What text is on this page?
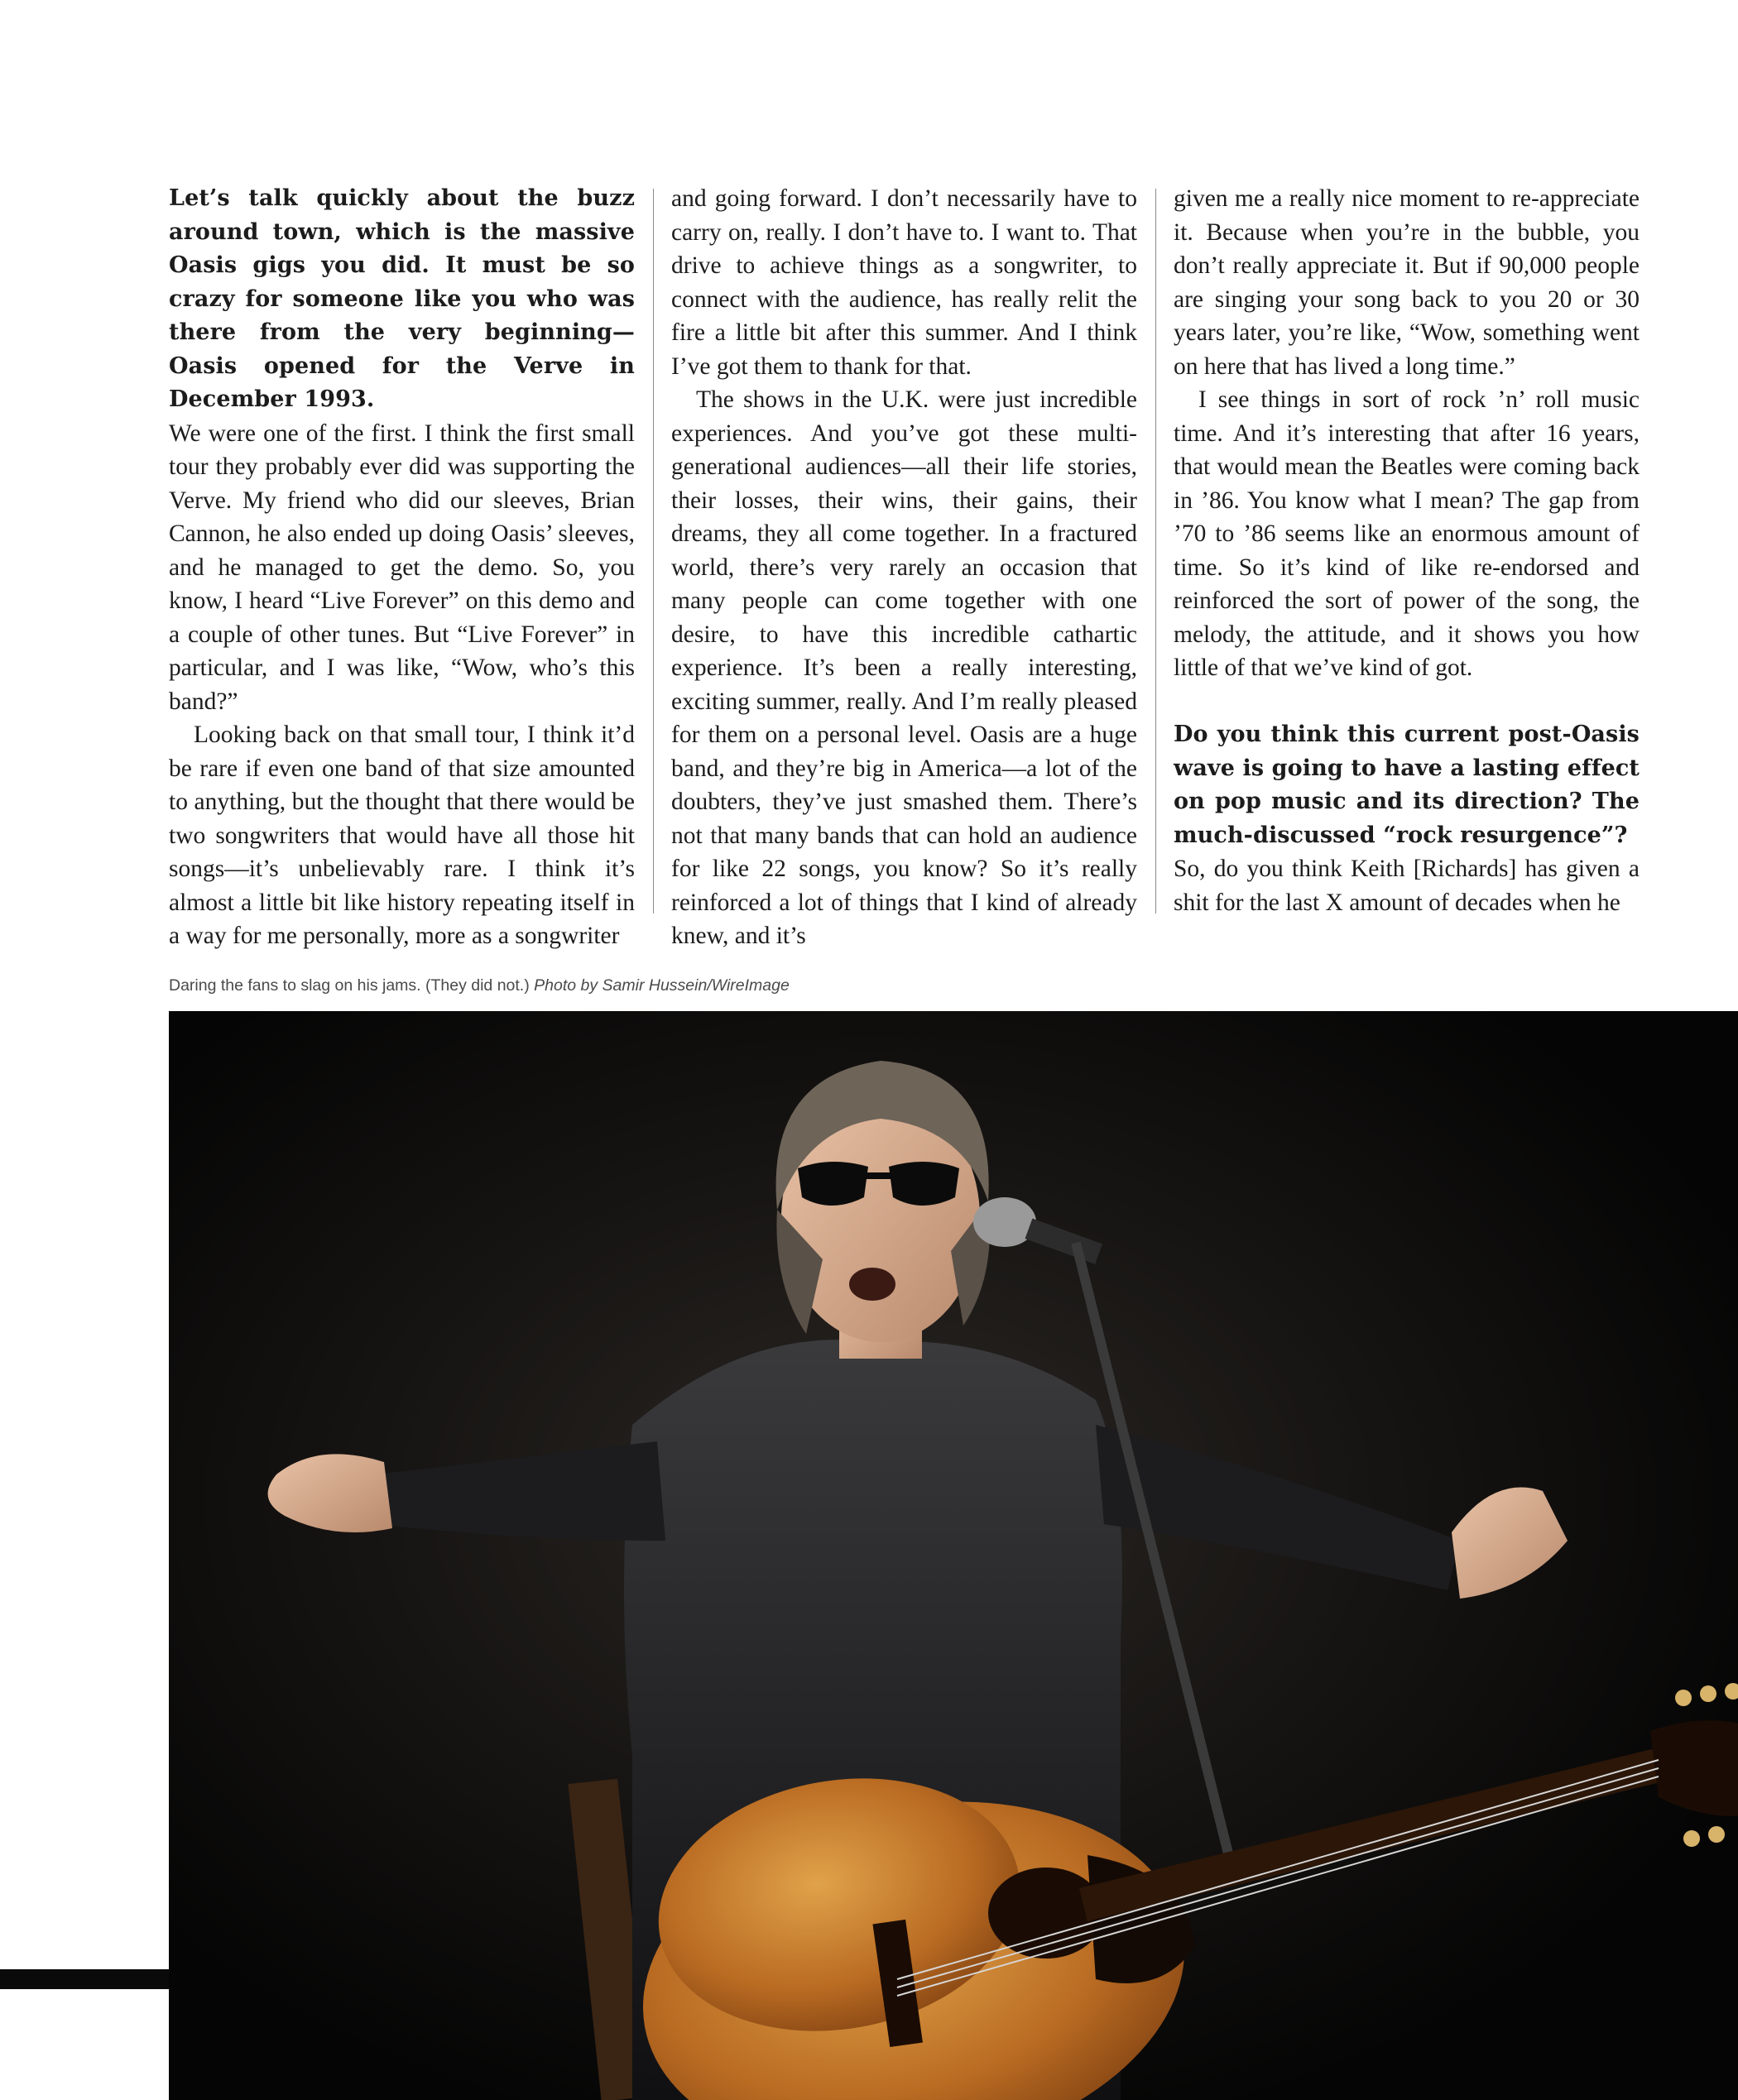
Let’s talk quickly about the buzz around town, which is the massive Oasis gigs you did. It must be so crazy for someone like you who was there from the very beginning—Oasis opened for the Verve in December 1993.

We were one of the first. I think the first small tour they probably ever did was supporting the Verve. My friend who did our sleeves, Brian Cannon, he also ended up doing Oasis’ sleeves, and he managed to get the demo. So, you know, I heard “Live Forever” on this demo and a couple of other tunes. But “Live Forever” in particular, and I was like, “Wow, who’s this band?”

Looking back on that small tour, I think it’d be rare if even one band of that size amounted to anything, but the thought that there would be two songwriters that would have all those hit songs—it’s unbelievably rare. I think it’s almost a little bit like history repeating itself in a way for me personally, more as a songwriter

and going forward. I don’t necessarily have to carry on, really. I don’t have to. I want to. That drive to achieve things as a songwriter, to connect with the audience, has really relit the fire a little bit after this summer. And I think I’ve got them to thank for that.

The shows in the U.K. were just incredible experiences. And you’ve got these multi-generational audiences—all their life stories, their losses, their wins, their gains, their dreams, they all come together. In a fractured world, there’s very rarely an occasion that many people can come together with one desire, to have this incredible cathartic experience. It’s been a really interesting, exciting summer, really. And I’m really pleased for them on a personal level. Oasis are a huge band, and they’re big in America—a lot of the doubters, they’ve just smashed them. There’s not that many bands that can hold an audience for like 22 songs, you know? So it’s really reinforced a lot of things that I kind of already knew, and it’s

given me a really nice moment to re-appreciate it. Because when you’re in the bubble, you don’t really appreciate it. But if 90,000 people are singing your song back to you 20 or 30 years later, you’re like, “Wow, something went on here that has lived a long time.”

I see things in sort of rock ’n’ roll music time. And it’s interesting that after 16 years, that would mean the Beatles were coming back in ’86. You know what I mean? The gap from ’70 to ’86 seems like an enormous amount of time. So it’s kind of like re-endorsed and reinforced the sort of power of the song, the melody, the attitude, and it shows you how little of that we’ve kind of got.

Do you think this current post-Oasis wave is going to have a lasting effect on pop music and its direction? The much-discussed “rock resurgence”?

So, do you think Keith [Richards] has given a shit for the last X amount of decades when he

Daring the fans to slag on his jams. (They did not.) Photo by Samir Hussein/WireImage
